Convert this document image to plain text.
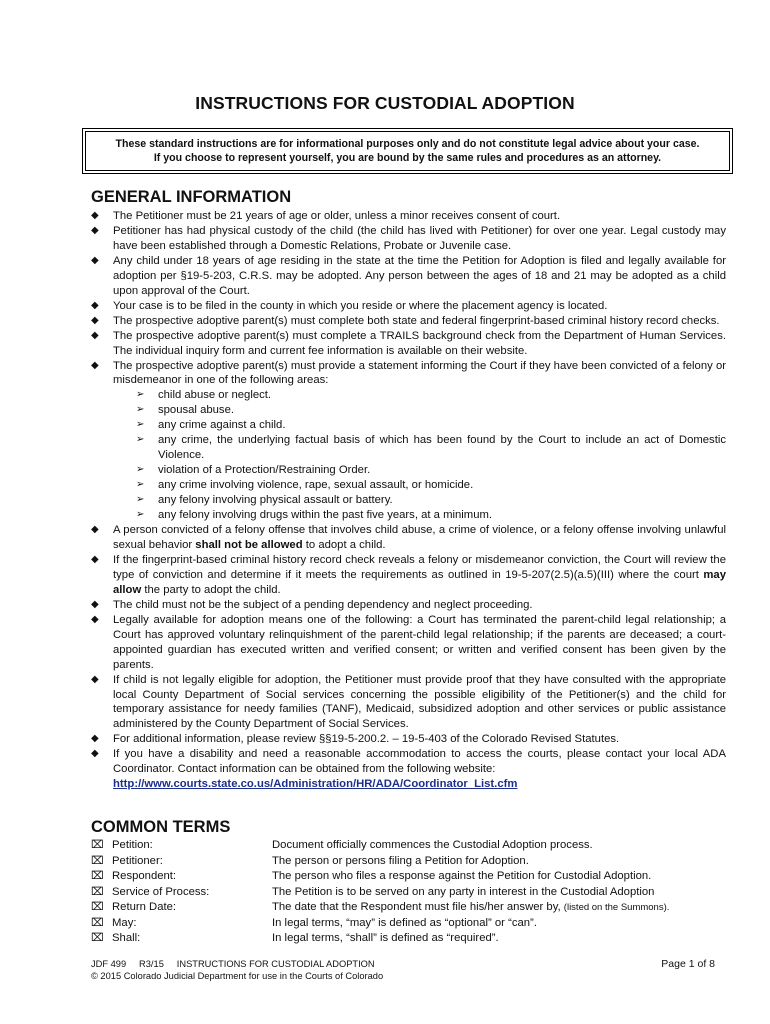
INSTRUCTIONS FOR CUSTODIAL ADOPTION
These standard instructions are for informational purposes only and do not constitute legal advice about your case.
If you choose to represent yourself, you are bound by the same rules and procedures as an attorney.
GENERAL INFORMATION
◆ The Petitioner must be 21 years of age or older, unless a minor receives consent of court.
◆ Petitioner has had physical custody of the child (the child has lived with Petitioner) for over one year. Legal custody may have been established through a Domestic Relations, Probate or Juvenile case.
◆ Any child under 18 years of age residing in the state at the time the Petition for Adoption is filed and legally available for adoption per §19-5-203, C.R.S. may be adopted. Any person between the ages of 18 and 21 may be adopted as a child upon approval of the Court.
◆ Your case is to be filed in the county in which you reside or where the placement agency is located.
◆ The prospective adoptive parent(s) must complete both state and federal fingerprint-based criminal history record checks.
◆ The prospective adoptive parent(s) must complete a TRAILS background check from the Department of Human Services. The individual inquiry form and current fee information is available on their website.
◆ The prospective adoptive parent(s) must provide a statement informing the Court if they have been convicted of a felony or misdemeanor in one of the following areas:
➢ child abuse or neglect.
➢ spousal abuse.
➢ any crime against a child.
➢ any crime, the underlying factual basis of which has been found by the Court to include an act of Domestic Violence.
➢ violation of a Protection/Restraining Order.
➢ any crime involving violence, rape, sexual assault, or homicide.
➢ any felony involving physical assault or battery.
➢ any felony involving drugs within the past five years, at a minimum.
◆ A person convicted of a felony offense that involves child abuse, a crime of violence, or a felony offense involving unlawful sexual behavior shall not be allowed to adopt a child.
◆ If the fingerprint-based criminal history record check reveals a felony or misdemeanor conviction, the Court will review the type of conviction and determine if it meets the requirements as outlined in 19-5-207(2.5)(a.5)(III) where the court may allow the party to adopt the child.
◆ The child must not be the subject of a pending dependency and neglect proceeding.
◆ Legally available for adoption means one of the following: a Court has terminated the parent-child legal relationship; a Court has approved voluntary relinquishment of the parent-child legal relationship; if the parents are deceased; a court-appointed guardian has executed written and verified consent; or written and verified consent has been given by the parents.
◆ If child is not legally eligible for adoption, the Petitioner must provide proof that they have consulted with the appropriate local County Department of Social services concerning the possible eligibility of the Petitioner(s) and the child for temporary assistance for needy families (TANF), Medicaid, subsidized adoption and other services or public assistance administered by the County Department of Social Services.
◆ For additional information, please review §§19-5-200.2. – 19-5-403 of the Colorado Revised Statutes.
◆ If you have a disability and need a reasonable accommodation to access the courts, please contact your local ADA Coordinator. Contact information can be obtained from the following website:
http://www.courts.state.co.us/Administration/HR/ADA/Coordinator_List.cfm
COMMON TERMS
⌧ Petition:	Document officially commences the Custodial Adoption process.
⌧ Petitioner:	The person or persons filing a Petition for Adoption.
⌧ Respondent:	The person who files a response against the Petition for Custodial Adoption.
⌧ Service of Process:	The Petition is to be served on any party in interest in the Custodial Adoption
⌧ Return Date:	The date that the Respondent must file his/her answer by, (listed on the Summons).
⌧ May:	In legal terms, “may” is defined as “optional” or “can”.
⌧ Shall:	In legal terms, “shall” is defined as “required”.
JDF 499     R3/15     INSTRUCTIONS FOR CUSTODIAL ADOPTION
© 2015 Colorado Judicial Department for use in the Courts of Colorado
Page 1 of 8
